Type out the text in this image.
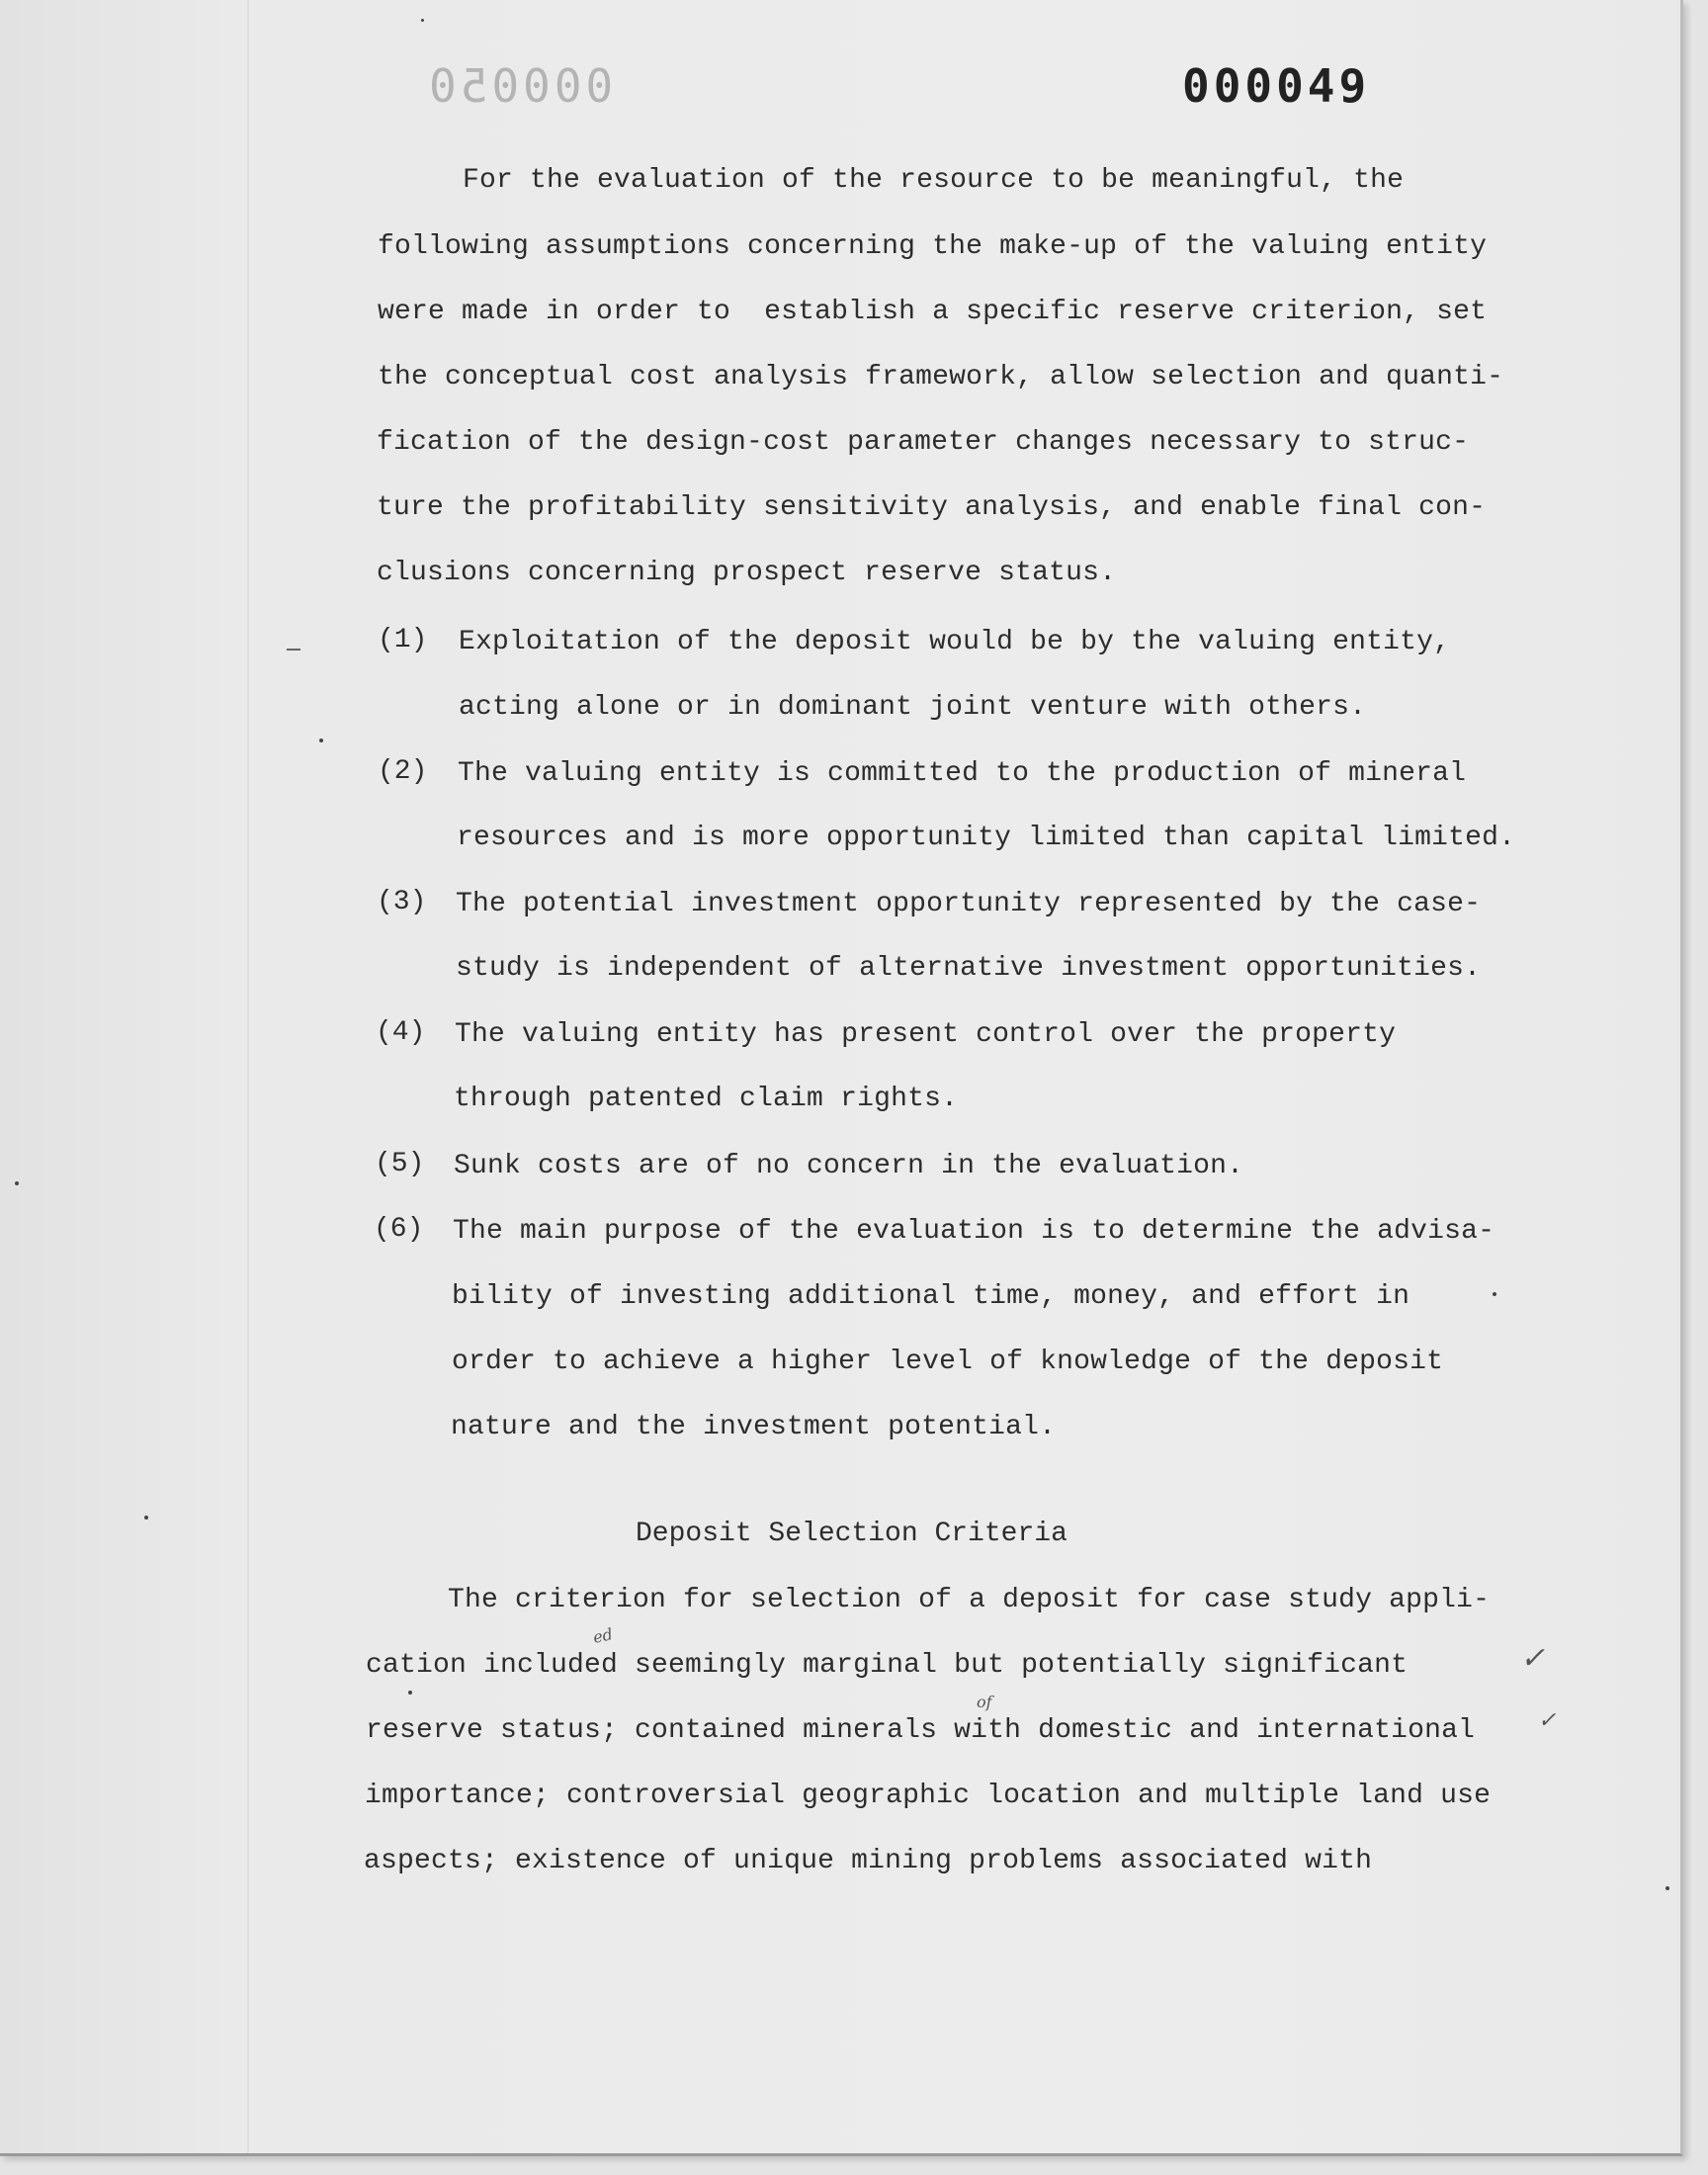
000050	000049
For the evaluation of the resource to be meaningful, the
following assumptions concerning the make-up of the valuing entity
were made in order to  establish a specific reserve criterion, set
the conceptual cost analysis framework, allow selection and quanti-
fication of the design-cost parameter changes necessary to struc-
ture the profitability sensitivity analysis, and enable final con-
clusions concerning prospect reserve status.
(1) Exploitation of the deposit would be by the valuing entity,
acting alone or in dominant joint venture with others.
(2) The valuing entity is committed to the production of mineral
resources and is more opportunity limited than capital limited.
(3) The potential investment opportunity represented by the case-
study is independent of alternative investment opportunities.
(4) The valuing entity has present control over the property
through patented claim rights.
(5) Sunk costs are of no concern in the evaluation.
(6) The main purpose of the evaluation is to determine the advisa-
bility of investing additional time, money, and effort in
order to achieve a higher level of knowledge of the deposit
nature and the investment potential.
Deposit Selection Criteria
The criterion for selection of a deposit for case study appli-
cation included seemingly marginal but potentially significant
reserve status; contained minerals with domestic and international
importance; controversial geographic location and multiple land use
aspects; existence of unique mining problems associated with
ed
of
✓
✓
